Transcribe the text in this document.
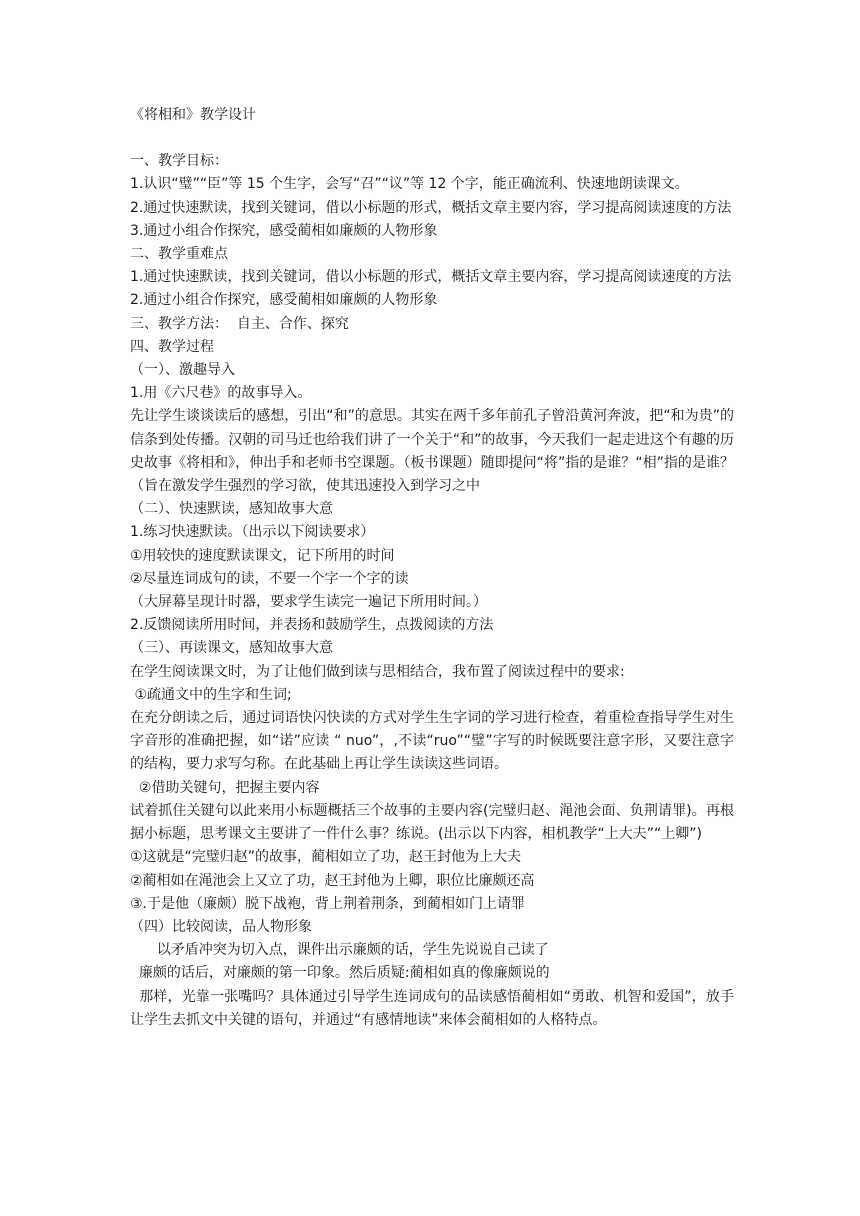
《将相和》教学设计
一、教学目标：
1.认识“璧”“臣”等 15 个生字，会写“召”“议”等 12 个字，能正确流利、快速地朗读课文。
2.通过快速默读，找到关键词，借以小标题的形式，概括文章主要内容，学习提高阅读速度的方法
3.通过小组合作探究，感受蔺相如廉颇的人物形象
二、教学重难点
1.通过快速默读，找到关键词，借以小标题的形式，概括文章主要内容，学习提高阅读速度的方法
2.通过小组合作探究，感受蔺相如廉颇的人物形象
三、教学方法：  自主、合作、探究
四、教学过程
（一）、激趣导入
1.用《六尺巷》的故事导入。
先让学生谈谈读后的感想，引出“和”的意思。其实在两千多年前孔子曾沿黄河奔波，把“和为贵”的信条到处传播。汉朝的司马迁也给我们讲了一个关于“和”的故事，今天我们一起走进这个有趣的历史故事《将相和》，伸出手和老师书空课题。（板书课题）随即提问“将”指的是谁？“相”指的是谁？（旨在激发学生强烈的学习欲，使其迅速投入到学习之中
（二）、快速默读，感知故事大意
1.练习快速默读。（出示以下阅读要求）
①用较快的速度默读课文，记下所用的时间
②尽量连词成句的读，不要一个字一个字的读
（大屏幕呈现计时器，要求学生读完一遍记下所用时间。）
2.反馈阅读所用时间，并表扬和鼓励学生，点拨阅读的方法
（三）、再读课文，感知故事大意
在学生阅读课文时，为了让他们做到读与思相结合，我布置了阅读过程中的要求:
①疏通文中的生字和生词;
在充分朗读之后，通过词语快闪快读的方式对学生生字词的学习进行检查，着重检查指导学生对生字音形的准确把握，如“诺”应读 “ nuo”，,不读“ruo”“璧”字写的时候既要注意字形，又要注意字的结构，要力求写匀称。在此基础上再让学生读读这些词语。
②借助关键句，把握主要内容
试着抓住关键句以此来用小标题概括三个故事的主要内容(完璧归赵、渑池会面、负荆请罪)。再根据小标题，思考课文主要讲了一件什么事？练说。(出示以下内容，相机教学“上大夫”“上卿”)
①这就是“完璧归赵”的故事，蔺相如立了功，赵王封他为上大夫
②蔺相如在渑池会上又立了功，赵王封他为上卿，职位比廉颇还高
③.于是他（廉颇）脱下战袍，背上荆着荆条，到蔺相如门上请罪
（四）比较阅读，品人物形象
以矛盾冲突为切入点，课件出示廉颇的话，学生先说说自己读了
廉颇的话后，对廉颇的第一印象。然后质疑:蔺相如真的像廉颇说的
那样，光靠一张嘴吗？具体通过引导学生连词成句的品读感悟蔺相如“勇敢、机智和爱国”，放手让学生去抓文中关键的语句，并通过“有感情地读”来体会蔺相如的人格特点。
